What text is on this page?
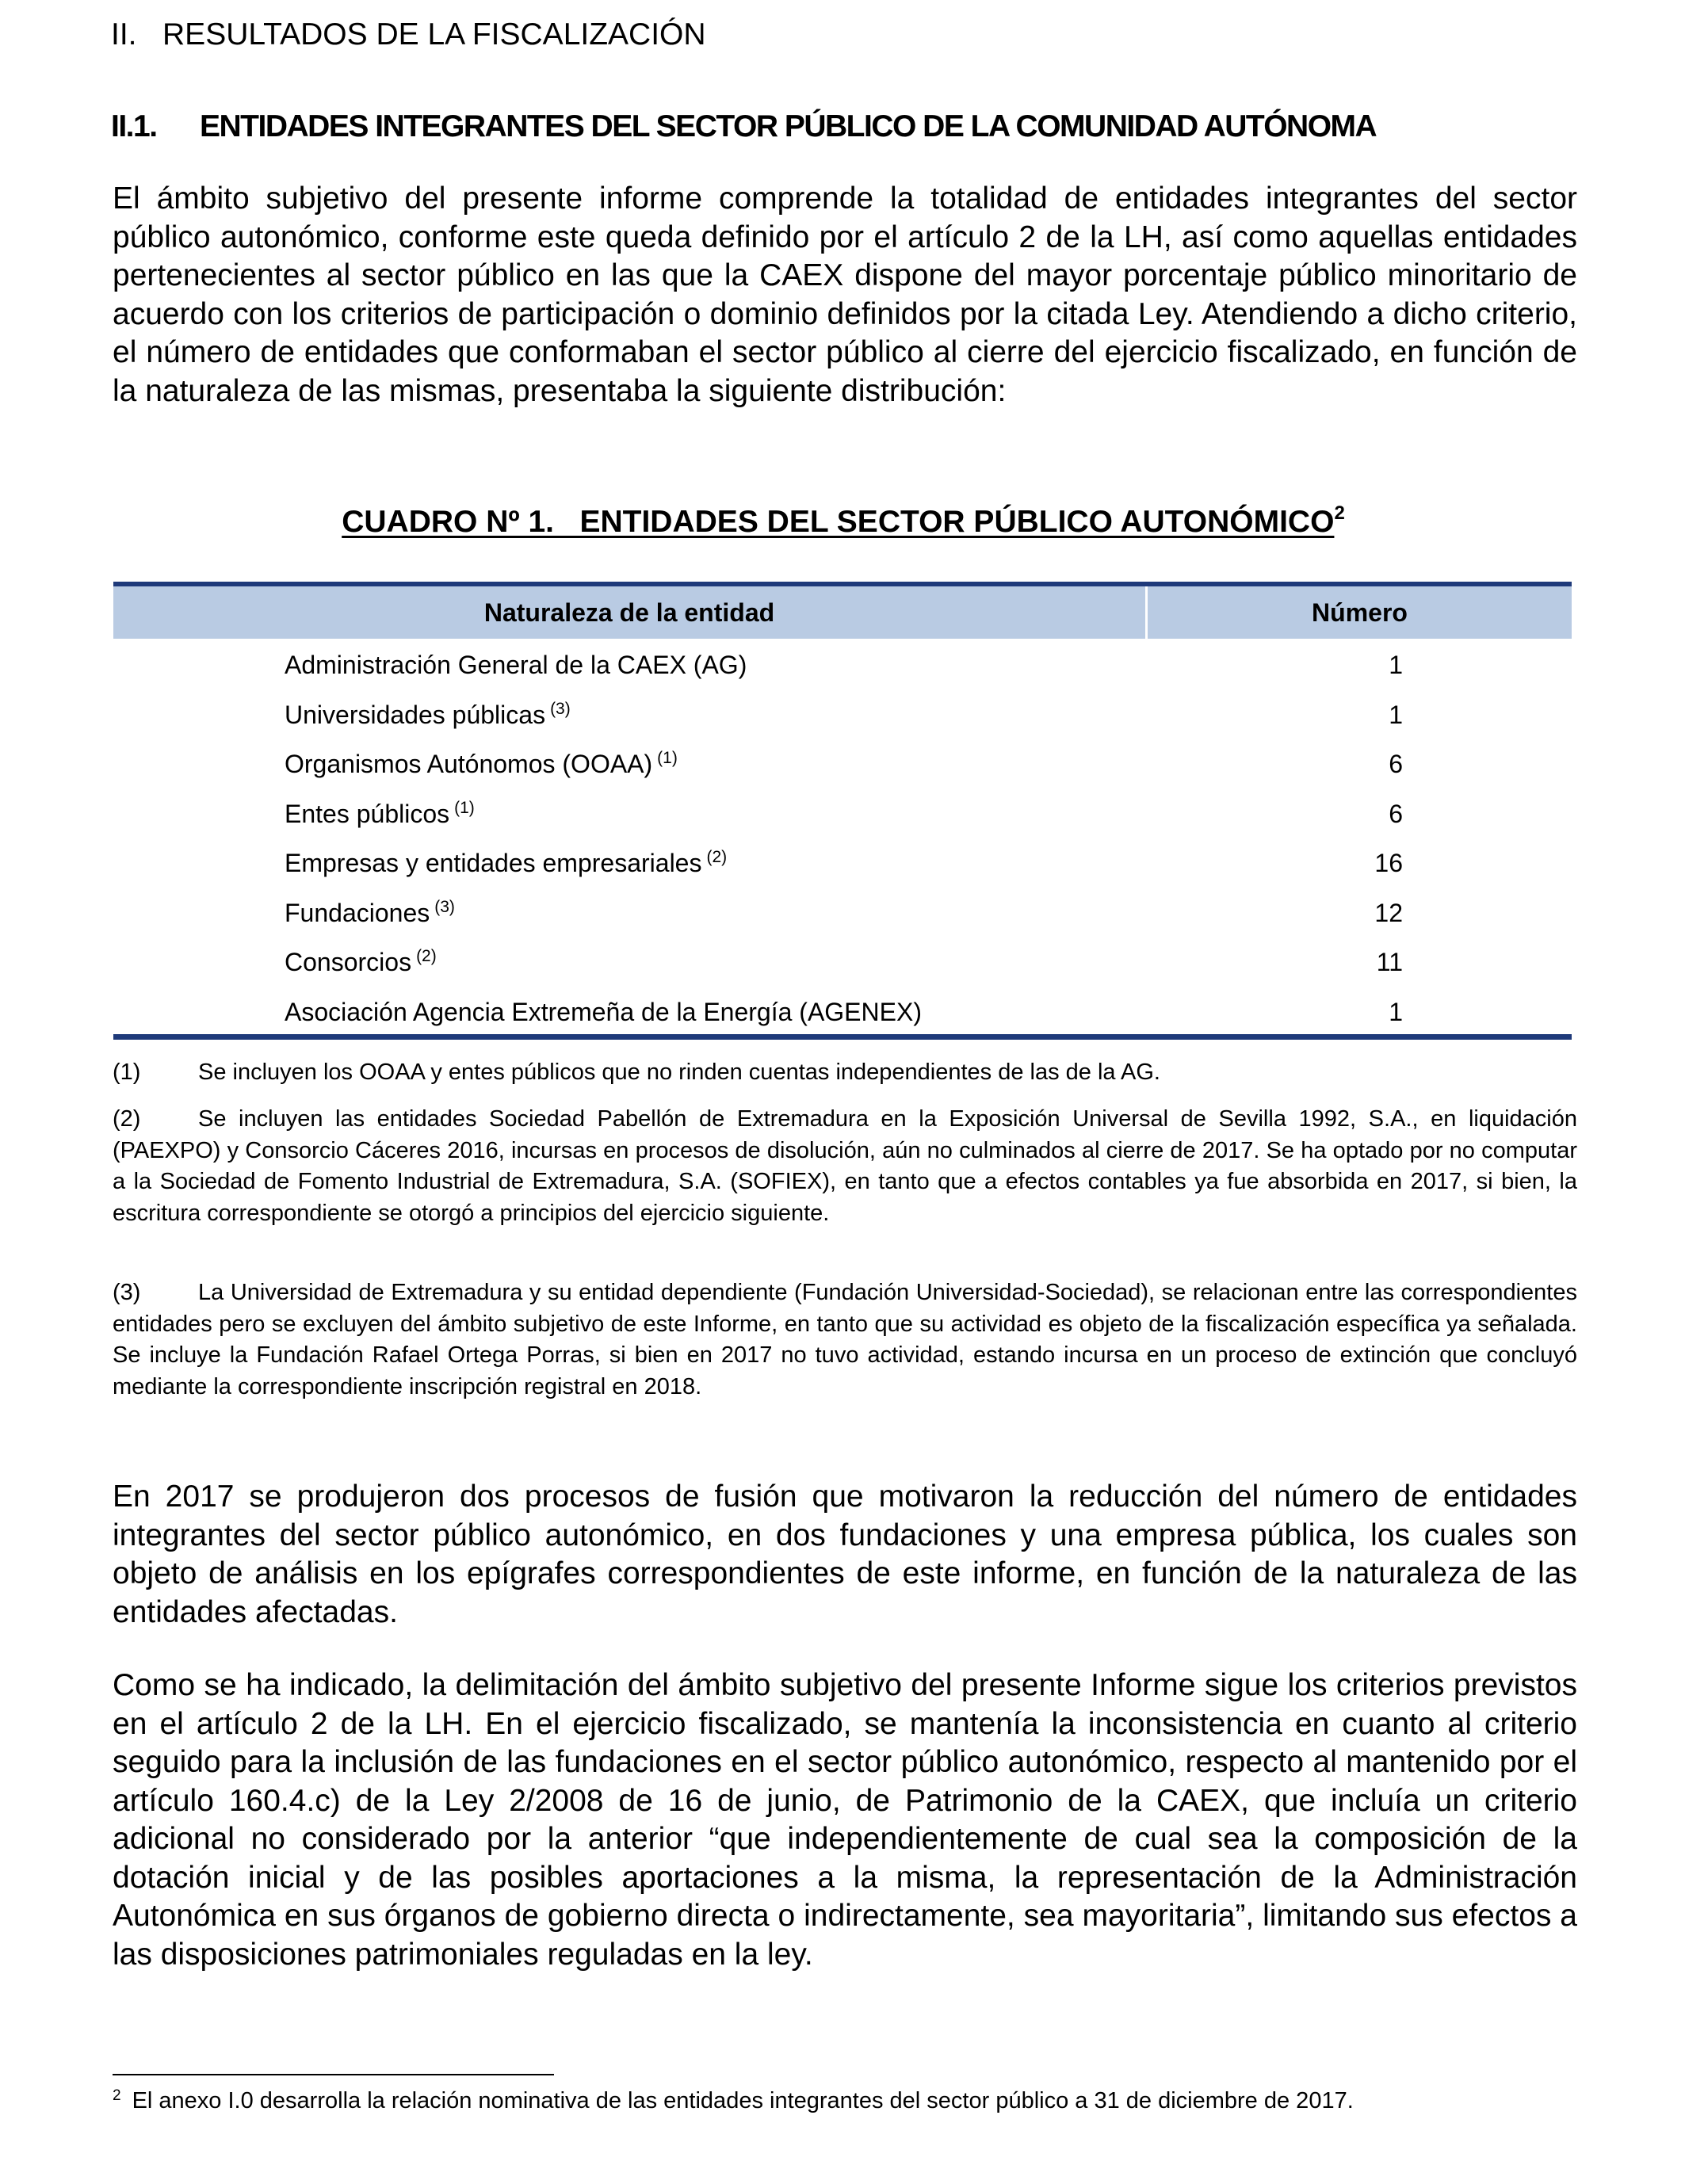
II.   RESULTADOS DE LA FISCALIZACIÓN
II.1. ENTIDADES INTEGRANTES DEL SECTOR PÚBLICO DE LA COMUNIDAD AUTÓNOMA

El ámbito subjetivo del presente informe comprende la totalidad de entidades integrantes del sector público autonómico, conforme este queda definido por el artículo 2 de la LH, así como aquellas entidades pertenecientes al sector público en las que la CAEX dispone del mayor porcentaje público minoritario de acuerdo con los criterios de participación o dominio definidos por la citada Ley. Atendiendo a dicho criterio, el número de entidades que conformaban el sector público al cierre del ejercicio fiscalizado, en función de la naturaleza de las mismas, presentaba la siguiente distribución:

CUADRO Nº 1.   ENTIDADES DEL SECTOR PÚBLICO AUTONÓMICO$^2$
Naturaleza de la entidad	Número
Administración General de la CAEX (AG)	1
Universidades públicas $^{(3)}$	1
Organismos Autónomos (OOAA) $^{(1)}$	6
Entes públicos $^{(1)}$	6
Empresas y entidades empresariales $^{(2)}$	16
Fundaciones $^{(3)}$	12
Consorcios $^{(2)}$	11
Asociación Agencia Extremeña de la Energía (AGENEX)	1

(1)	Se incluyen los OOAA y entes públicos que no rinden cuentas independientes de las de la AG.

(2)	Se incluyen las entidades Sociedad Pabellón de Extremadura en la Exposición Universal de Sevilla 1992, S.A., en liquidación (PAEXPO) y Consorcio Cáceres 2016, incursas en procesos de disolución, aún no culminados al cierre de 2017. Se ha optado por no computar a la Sociedad de Fomento Industrial de Extremadura, S.A. (SOFIEX), en tanto que a efectos contables ya fue absorbida en 2017, si bien, la escritura correspondiente se otorgó a principios del ejercicio siguiente.

(3)	La Universidad de Extremadura y su entidad dependiente (Fundación Universidad-Sociedad), se relacionan entre las correspondientes entidades pero se excluyen del ámbito subjetivo de este Informe, en tanto que su actividad es objeto de la fiscalización específica ya señalada. Se incluye la Fundación Rafael Ortega Porras, si bien en 2017 no tuvo actividad, estando incursa en un proceso de extinción que concluyó mediante la correspondiente inscripción registral en 2018.

En 2017 se produjeron dos procesos de fusión que motivaron la reducción del número de entidades integrantes del sector público autonómico, en dos fundaciones y una empresa pública, los cuales son objeto de análisis en los epígrafes correspondientes de este informe, en función de la naturaleza de las entidades afectadas.

Como se ha indicado, la delimitación del ámbito subjetivo del presente Informe sigue los criterios previstos en el artículo 2 de la LH. En el ejercicio fiscalizado, se mantenía la inconsistencia en cuanto al criterio seguido para la inclusión de las fundaciones en el sector público autonómico, respecto al mantenido por el artículo 160.4.c) de la Ley 2/2008 de 16 de junio, de Patrimonio de la CAEX, que incluía un criterio adicional no considerado por la anterior “que independientemente de cual sea la composición de la dotación inicial y de las posibles aportaciones a la misma, la representación de la Administración Autonómica en sus órganos de gobierno directa o indirectamente, sea mayoritaria”, limitando sus efectos a las disposiciones patrimoniales reguladas en la ley.

$^2$ El anexo I.0 desarrolla la relación nominativa de las entidades integrantes del sector público a 31 de diciembre de 2017.
